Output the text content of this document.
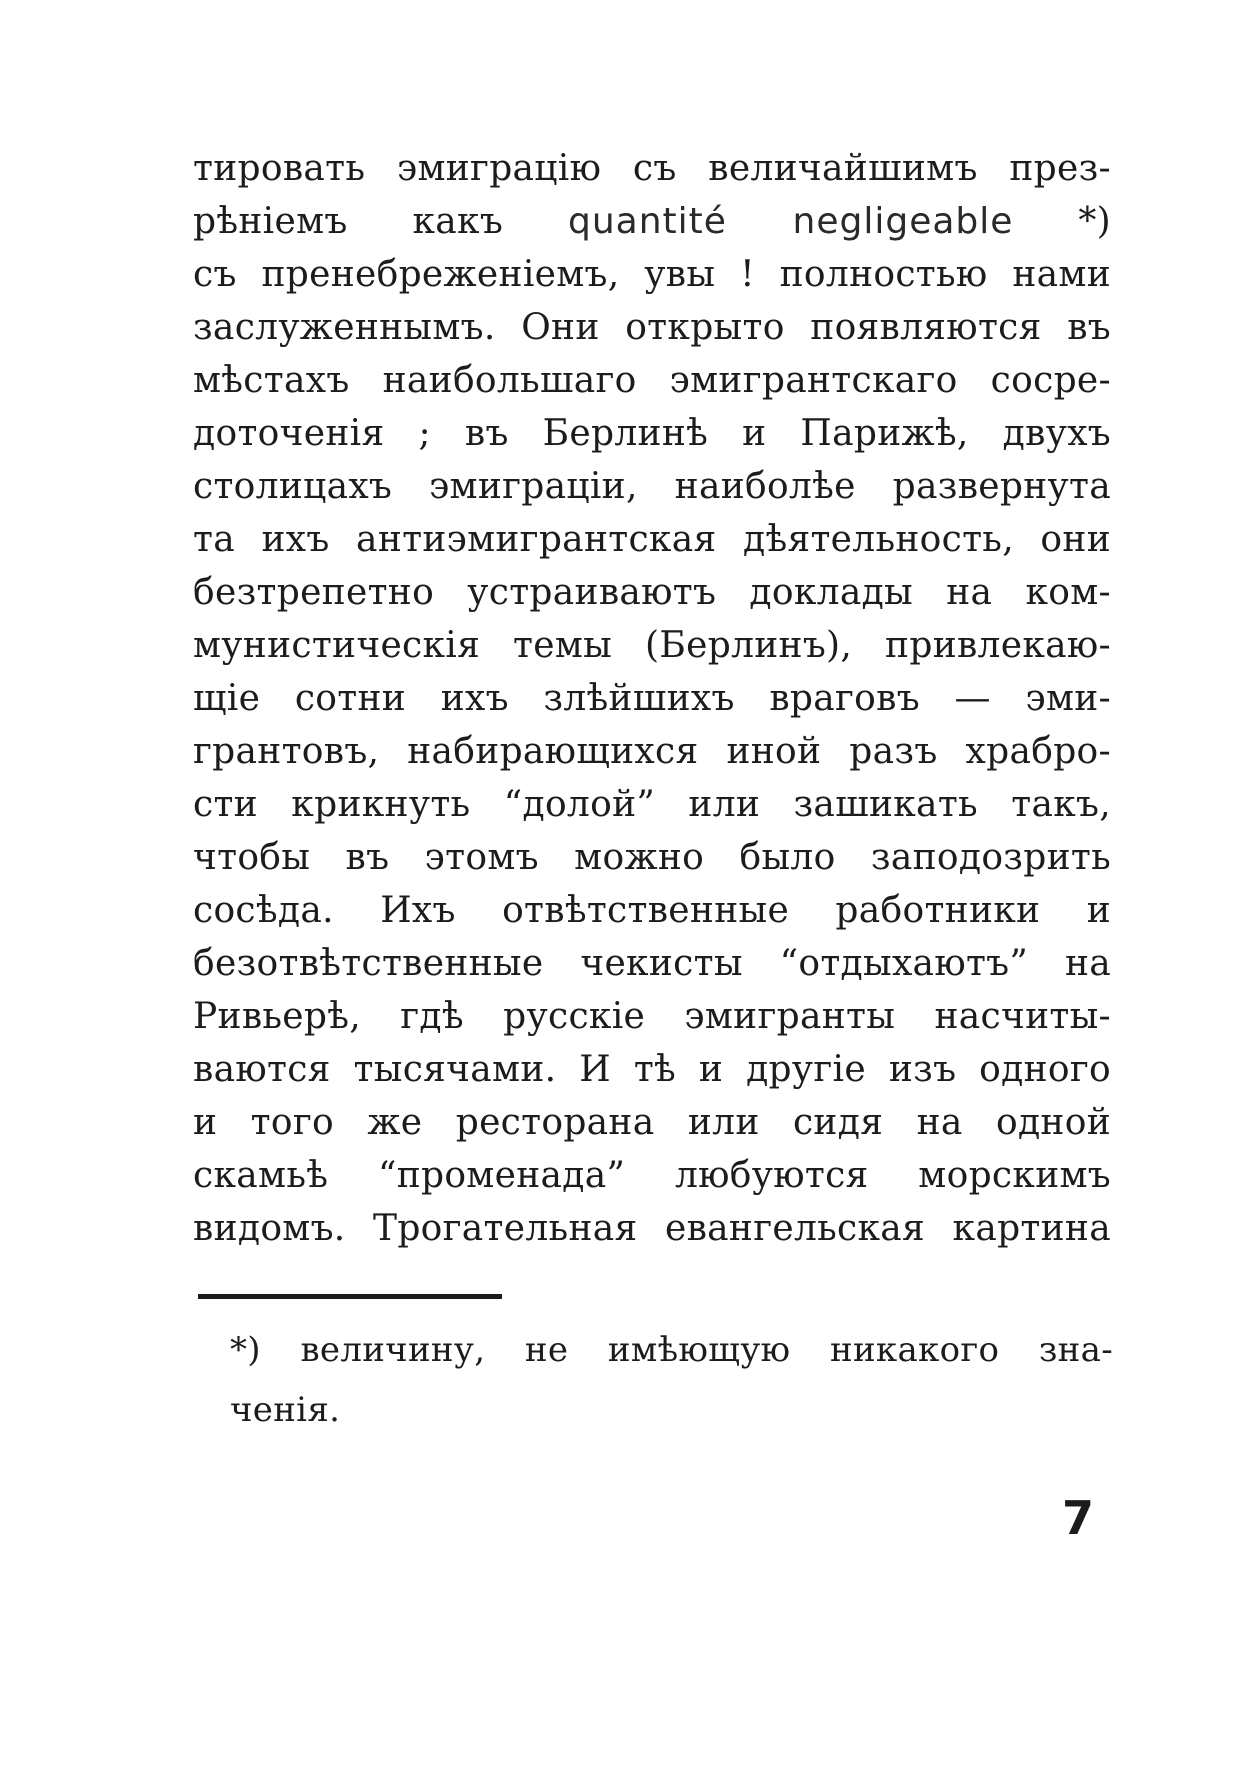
тировать эмиграцію съ величайшимъ през-
рѣніемъ какъ quantité negligeable *)
съ пренебреженіемъ, увы ! полностью нами
заслуженнымъ. Они открыто появляются въ
мѣстахъ наибольшаго эмигрантскаго сосре-
доточенія ; въ Берлинѣ и Парижѣ, двухъ
столицахъ эмиграціи, наиболѣе развернута
та ихъ антиэмигрантская дѣятельность, они
безтрепетно устраиваютъ доклады на ком-
мунистическія темы (Берлинъ), привлекаю-
щіе сотни ихъ злѣйшихъ враговъ — эми-
грантовъ, набирающихся иной разъ храбро-
сти крикнуть “долой” или зашикать такъ,
чтобы въ этомъ можно было заподозрить
сосѣда. Ихъ отвѣтственные работники и
безотвѣтственные чекисты “отдыхаютъ” на
Ривьерѣ, гдѣ русскіе эмигранты насчиты-
ваются тысячами. И тѣ и другіе изъ одного
и того же ресторана или сидя на одной
скамьѣ “променада” любуются морскимъ
видомъ. Трогательная евангельская картина
*) величину, не имѣющую никакого зна-
ченія.
7
